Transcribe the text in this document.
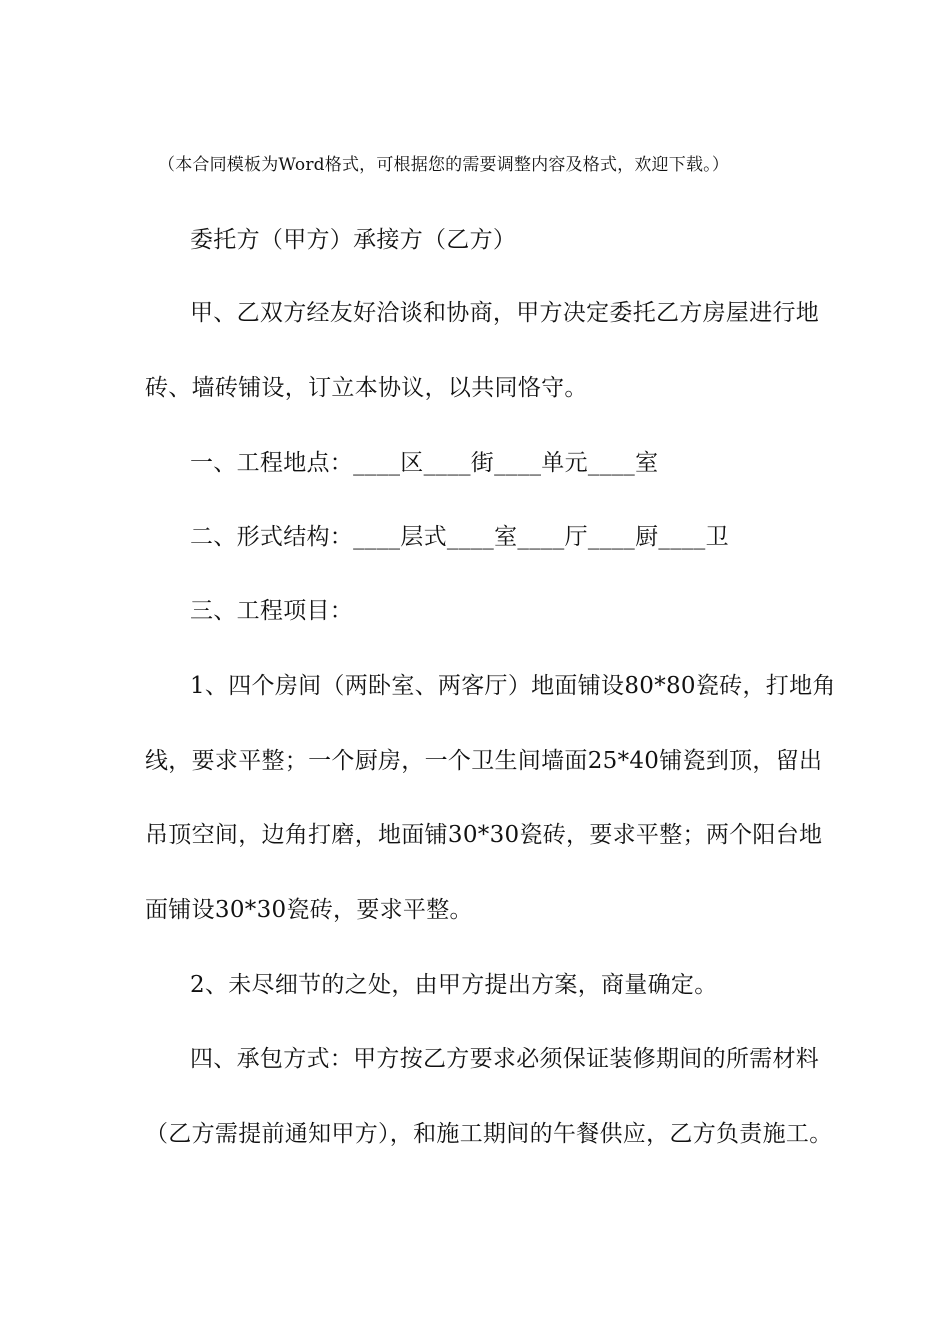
（本合同模板为Word格式，可根据您的需要调整内容及格式，欢迎下载。）
委托方（甲方）承接方（乙方）
甲、乙双方经友好洽谈和协商，甲方决定委托乙方房屋进行地
砖、墙砖铺设，订立本协议，以共同恪守。
一、工程地点：____区____街____单元____室
二、形式结构：____层式____室____厅____厨____卫
三、工程项目：
1、四个房间（两卧室、两客厅）地面铺设80*80瓷砖，打地角
线，要求平整；一个厨房，一个卫生间墙面25*40铺瓷到顶，留出
吊顶空间，边角打磨，地面铺30*30瓷砖，要求平整；两个阳台地
面铺设30*30瓷砖，要求平整。
2、未尽细节的之处，由甲方提出方案，商量确定。
四、承包方式：甲方按乙方要求必须保证装修期间的所需材料
（乙方需提前通知甲方），和施工期间的午餐供应，乙方负责施工。
